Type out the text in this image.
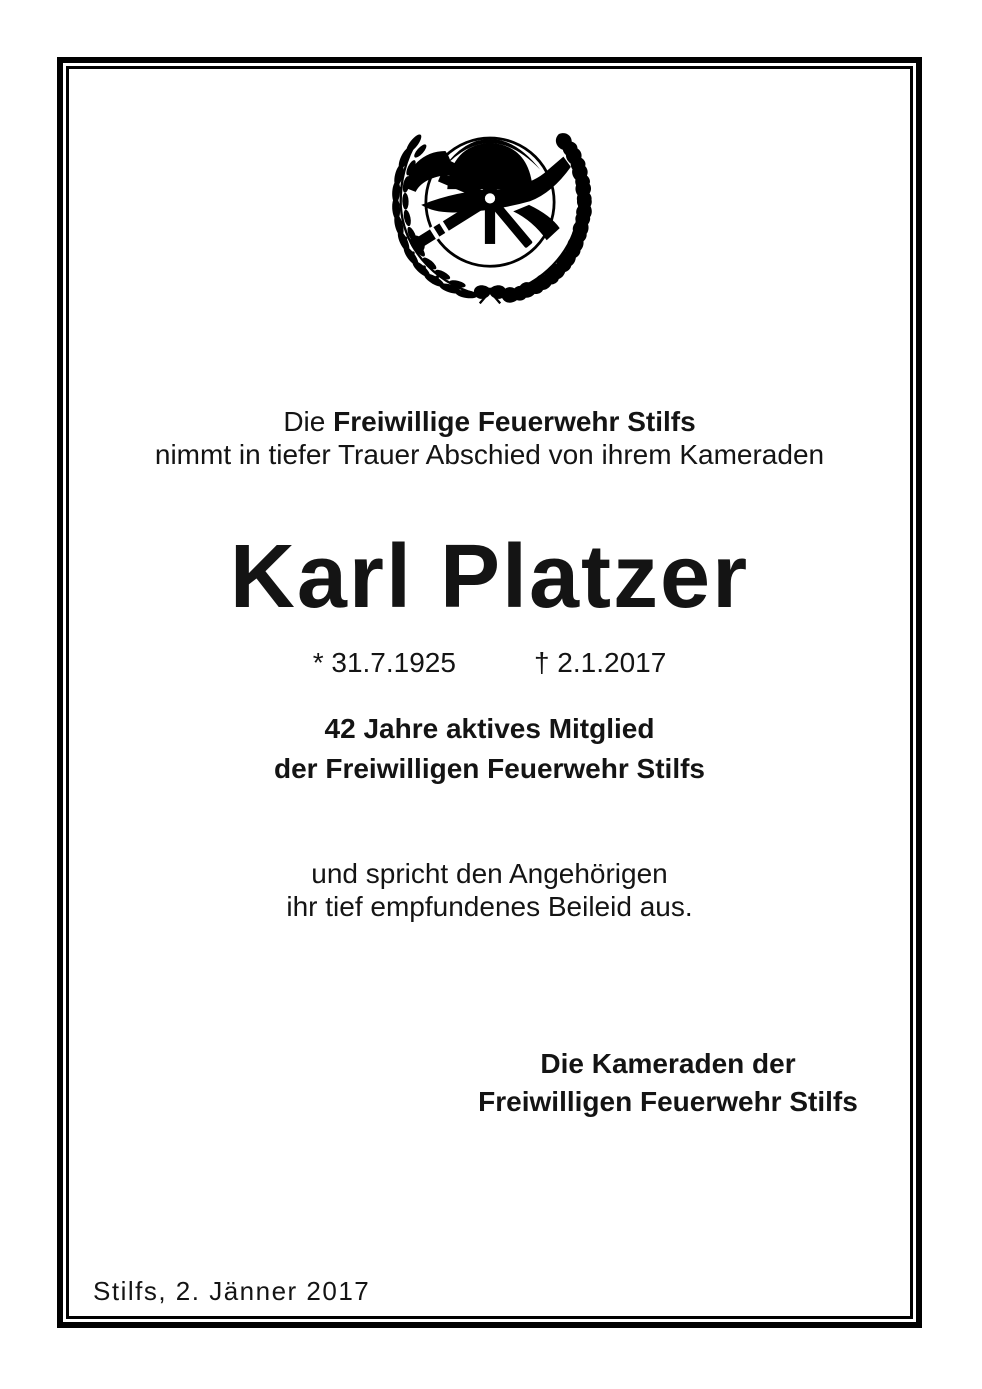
Die Freiwillige Feuerwehr Stilfs
nimmt in tiefer Trauer Abschied von ihrem Kameraden
Karl Platzer
* 31.7.1925	† 2.1.2017
42 Jahre aktives Mitglied
der Freiwilligen Feuerwehr Stilfs
und spricht den Angehörigen
ihr tief empfundenes Beileid aus.
Die Kameraden der
Freiwilligen Feuerwehr Stilfs
Stilfs, 2. Jänner 2017
